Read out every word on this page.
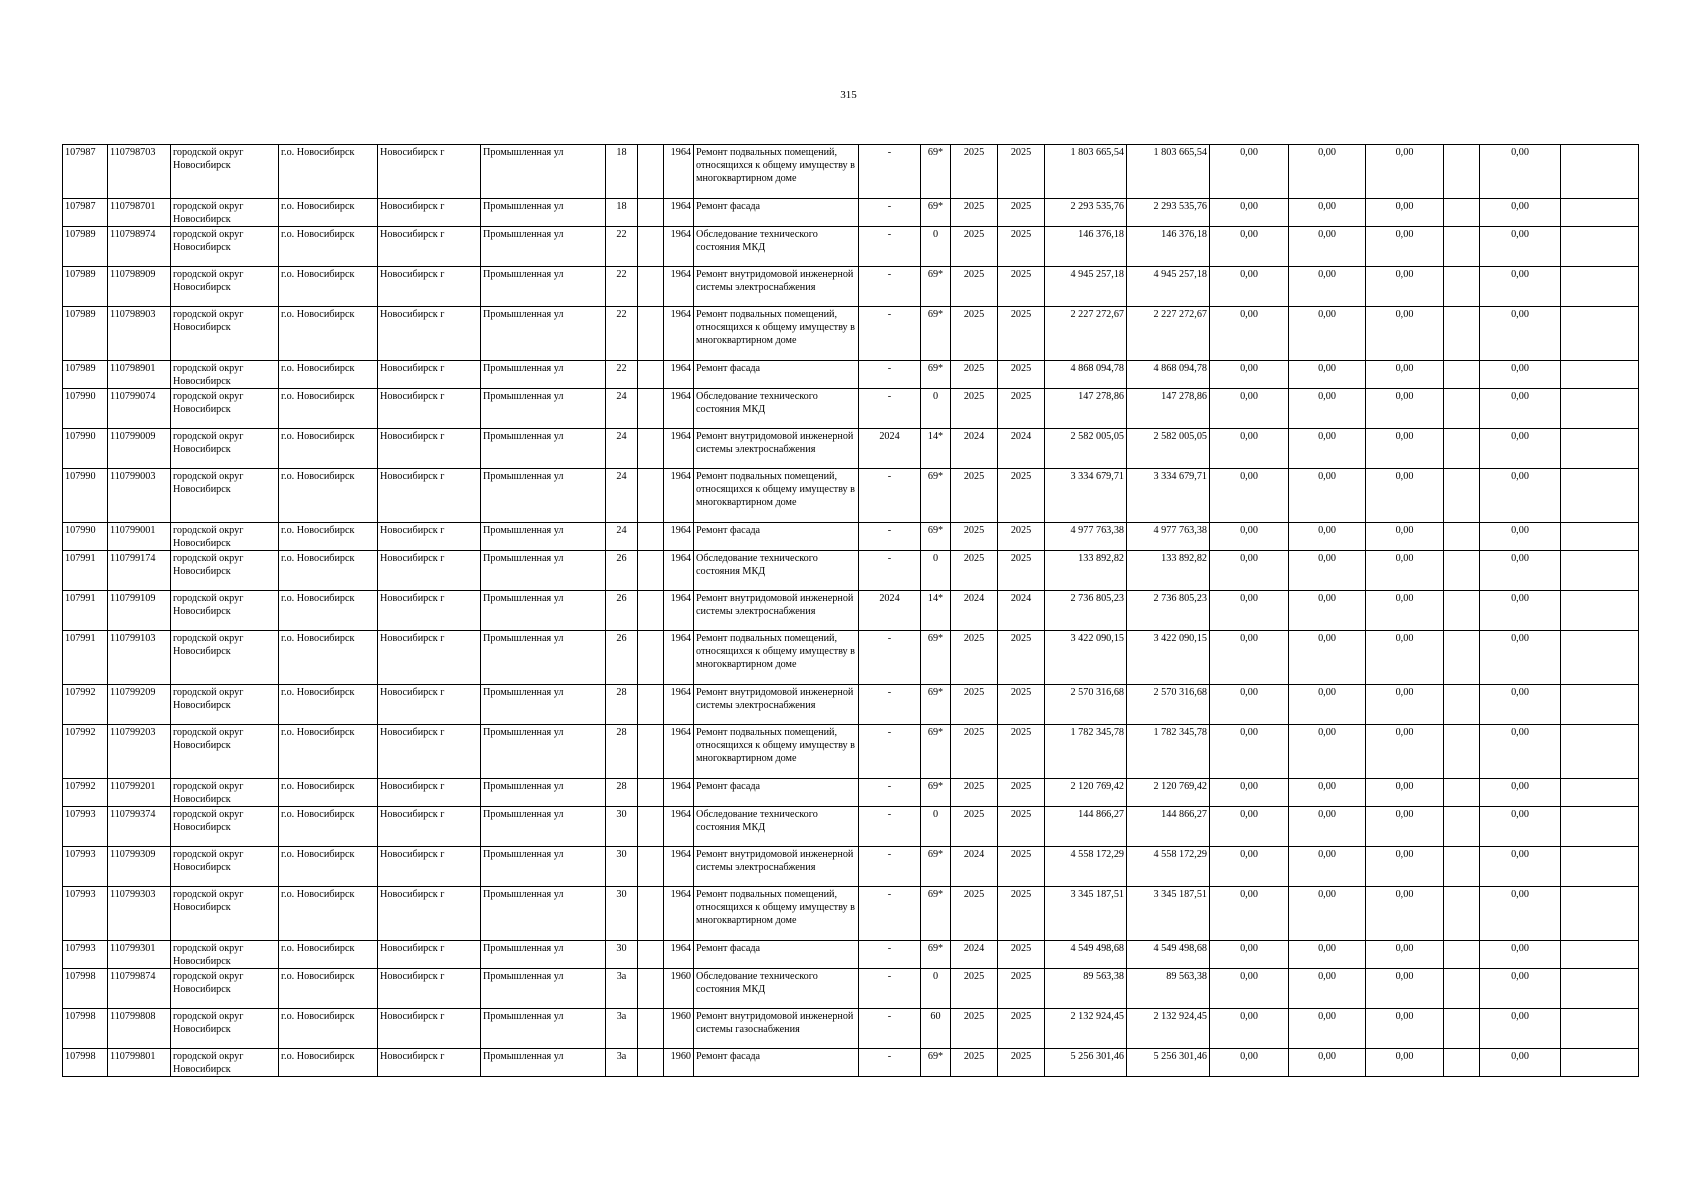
315
107987	110798703	городской округ Новосибирск	г.о. Новосибирск	Новосибирск г	Промышленная ул	18		1964	Ремонт подвальных помещений, относящихся к общему имуществу в многоквартирном доме	-	69*	2025	2025	1 803 665,54	1 803 665,54	0,00	0,00	0,00		0,00	
107987	110798701	городской округ Новосибирск	г.о. Новосибирск	Новосибирск г	Промышленная ул	18		1964	Ремонт фасада	-	69*	2025	2025	2 293 535,76	2 293 535,76	0,00	0,00	0,00		0,00	
107989	110798974	городской округ Новосибирск	г.о. Новосибирск	Новосибирск г	Промышленная ул	22		1964	Обследование технического состояния МКД	-	0	2025	2025	146 376,18	146 376,18	0,00	0,00	0,00		0,00	
107989	110798909	городской округ Новосибирск	г.о. Новосибирск	Новосибирск г	Промышленная ул	22		1964	Ремонт внутридомовой инженерной системы электроснабжения	-	69*	2025	2025	4 945 257,18	4 945 257,18	0,00	0,00	0,00		0,00	
107989	110798903	городской округ Новосибирск	г.о. Новосибирск	Новосибирск г	Промышленная ул	22		1964	Ремонт подвальных помещений, относящихся к общему имуществу в многоквартирном доме	-	69*	2025	2025	2 227 272,67	2 227 272,67	0,00	0,00	0,00		0,00	
107989	110798901	городской округ Новосибирск	г.о. Новосибирск	Новосибирск г	Промышленная ул	22		1964	Ремонт фасада	-	69*	2025	2025	4 868 094,78	4 868 094,78	0,00	0,00	0,00		0,00	
107990	110799074	городской округ Новосибирск	г.о. Новосибирск	Новосибирск г	Промышленная ул	24		1964	Обследование технического состояния МКД	-	0	2025	2025	147 278,86	147 278,86	0,00	0,00	0,00		0,00	
107990	110799009	городской округ Новосибирск	г.о. Новосибирск	Новосибирск г	Промышленная ул	24		1964	Ремонт внутридомовой инженерной системы электроснабжения	2024	14*	2024	2024	2 582 005,05	2 582 005,05	0,00	0,00	0,00		0,00	
107990	110799003	городской округ Новосибирск	г.о. Новосибирск	Новосибирск г	Промышленная ул	24		1964	Ремонт подвальных помещений, относящихся к общему имуществу в многоквартирном доме	-	69*	2025	2025	3 334 679,71	3 334 679,71	0,00	0,00	0,00		0,00	
107990	110799001	городской округ Новосибирск	г.о. Новосибирск	Новосибирск г	Промышленная ул	24		1964	Ремонт фасада	-	69*	2025	2025	4 977 763,38	4 977 763,38	0,00	0,00	0,00		0,00	
107991	110799174	городской округ Новосибирск	г.о. Новосибирск	Новосибирск г	Промышленная ул	26		1964	Обследование технического состояния МКД	-	0	2025	2025	133 892,82	133 892,82	0,00	0,00	0,00		0,00	
107991	110799109	городской округ Новосибирск	г.о. Новосибирск	Новосибирск г	Промышленная ул	26		1964	Ремонт внутридомовой инженерной системы электроснабжения	2024	14*	2024	2024	2 736 805,23	2 736 805,23	0,00	0,00	0,00		0,00	
107991	110799103	городской округ Новосибирск	г.о. Новосибирск	Новосибирск г	Промышленная ул	26		1964	Ремонт подвальных помещений, относящихся к общему имуществу в многоквартирном доме	-	69*	2025	2025	3 422 090,15	3 422 090,15	0,00	0,00	0,00		0,00	
107992	110799209	городской округ Новосибирск	г.о. Новосибирск	Новосибирск г	Промышленная ул	28		1964	Ремонт внутридомовой инженерной системы электроснабжения	-	69*	2025	2025	2 570 316,68	2 570 316,68	0,00	0,00	0,00		0,00	
107992	110799203	городской округ Новосибирск	г.о. Новосибирск	Новосибирск г	Промышленная ул	28		1964	Ремонт подвальных помещений, относящихся к общему имуществу в многоквартирном доме	-	69*	2025	2025	1 782 345,78	1 782 345,78	0,00	0,00	0,00		0,00	
107992	110799201	городской округ Новосибирск	г.о. Новосибирск	Новосибирск г	Промышленная ул	28		1964	Ремонт фасада	-	69*	2025	2025	2 120 769,42	2 120 769,42	0,00	0,00	0,00		0,00	
107993	110799374	городской округ Новосибирск	г.о. Новосибирск	Новосибирск г	Промышленная ул	30		1964	Обследование технического состояния МКД	-	0	2025	2025	144 866,27	144 866,27	0,00	0,00	0,00		0,00	
107993	110799309	городской округ Новосибирск	г.о. Новосибирск	Новосибирск г	Промышленная ул	30		1964	Ремонт внутридомовой инженерной системы электроснабжения	-	69*	2024	2025	4 558 172,29	4 558 172,29	0,00	0,00	0,00		0,00	
107993	110799303	городской округ Новосибирск	г.о. Новосибирск	Новосибирск г	Промышленная ул	30		1964	Ремонт подвальных помещений, относящихся к общему имуществу в многоквартирном доме	-	69*	2025	2025	3 345 187,51	3 345 187,51	0,00	0,00	0,00		0,00	
107993	110799301	городской округ Новосибирск	г.о. Новосибирск	Новосибирск г	Промышленная ул	30		1964	Ремонт фасада	-	69*	2024	2025	4 549 498,68	4 549 498,68	0,00	0,00	0,00		0,00	
107998	110799874	городской округ Новосибирск	г.о. Новосибирск	Новосибирск г	Промышленная ул	3а		1960	Обследование технического состояния МКД	-	0	2025	2025	89 563,38	89 563,38	0,00	0,00	0,00		0,00	
107998	110799808	городской округ Новосибирск	г.о. Новосибирск	Новосибирск г	Промышленная ул	3а		1960	Ремонт внутридомовой инженерной системы газоснабжения	-	60	2025	2025	2 132 924,45	2 132 924,45	0,00	0,00	0,00		0,00	
107998	110799801	городской округ Новосибирск	г.о. Новосибирск	Новосибирск г	Промышленная ул	3а		1960	Ремонт фасада	-	69*	2025	2025	5 256 301,46	5 256 301,46	0,00	0,00	0,00		0,00	
